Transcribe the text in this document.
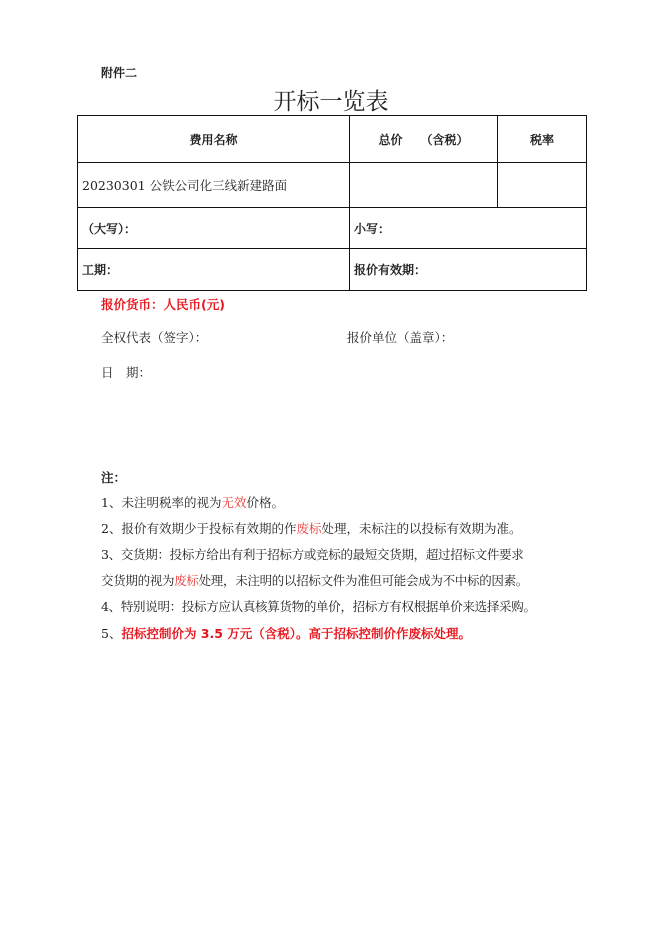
附件二
开标一览表
费用名称	总价　　（含税）	税率
20230301 公铁公司化三线新建路面		
（大写）：	小写：	
工期：	报价有效期：	
报价货币：人民币(元)
全权代表（签字）：	报价单位（盖章）：
日　期：
注：
1、未注明税率的视为无效价格。
2、报价有效期少于投标有效期的作废标处理，未标注的以投标有效期为准。
3、交货期：投标方给出有利于招标方或竞标的最短交货期，超过招标文件要求
交货期的视为废标处理，未注明的以招标文件为准但可能会成为不中标的因素。
4、特别说明：投标方应认真核算货物的单价，招标方有权根据单价来选择采购。
5、招标控制价为 3.5 万元（含税）。高于招标控制价作废标处理。
